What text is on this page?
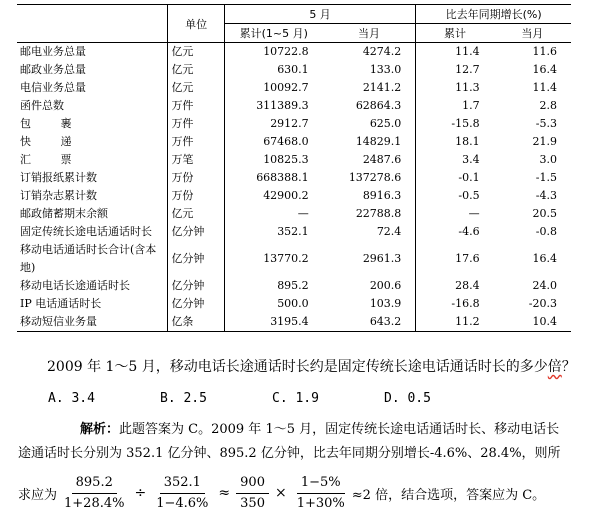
	单位	5 月		比去年同期增长(%)	
		累计(1~5 月)	当月	累计	当月
邮电业务总量	亿元	10722.8	4274.2	11.4	11.6
邮政业务总量	亿元	630.1	133.0	12.7	16.4
电信业务总量	亿元	10092.7	2141.2	11.3	11.4
函件总数	万件	311389.3	62864.3	1.7	2.8
包 裹	万件	2912.7	625.0	-15.8	-5.3
快 递	万件	67468.0	14829.1	18.1	21.9
汇 票	万笔	10825.3	2487.6	3.4	3.0
订销报纸累计数	万份	668388.1	137278.6	-0.1	-1.5
订销杂志累计数	万份	42900.2	8916.3	-0.5	-4.3
邮政储蓄期末余额	亿元	—	22788.8	—	20.5
固定传统长途电话通话时长	亿分钟	352.1	72.4	-4.6	-0.8
移动电话通话时长合计(含本地)	亿分钟	13770.2	2961.3	17.6	16.4
移动电话长途通话时长	亿分钟	895.2	200.6	28.4	24.0
IP 电话通话时长	亿分钟	500.0	103.9	-16.8	-20.3
移动短信业务量	亿条	3195.4	643.2	11.2	10.4
2009 年 1～5 月，移动电话长途通话时长约是固定传统长途电话通话时长的多少倍？
A. 3.4	B. 2.5	C. 1.9	D. 0.5
解析：此题答案为 C。2009 年 1～5 月，固定传统长途电话通话时长、移动电话长
途通话时长分别为 352.1 亿分钟、895.2 亿分钟，比去年同期分别增长-4.6%、28.4%，则所
求应为 $\frac{895.2}{1+28.4\%} \div \frac{352.1}{1-4.6\%} \approx \frac{900}{350} \times \frac{1-5\%}{1+30\%} \approx 2$ 倍，结合选项，答案应为 C。
